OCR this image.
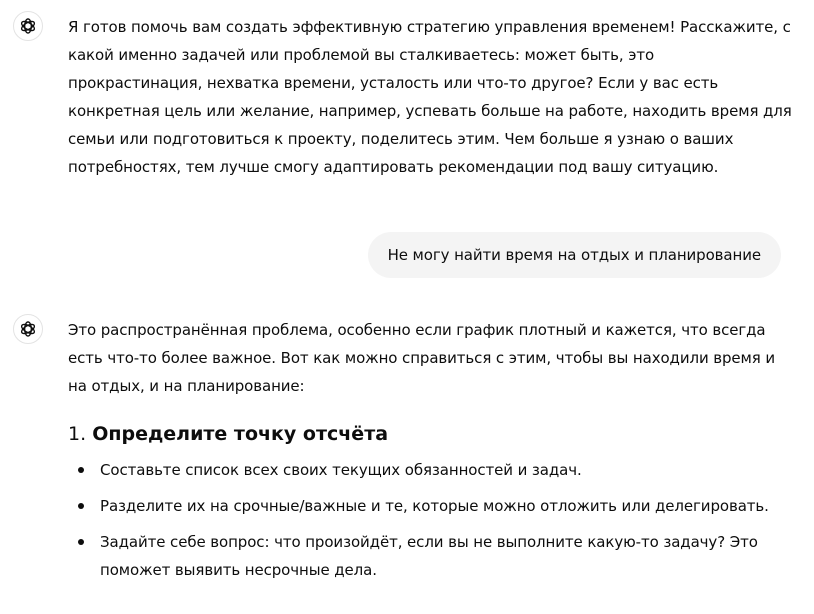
Я готов помочь вам создать эффективную стратегию управления временем! Расскажите, с какой именно задачей или проблемой вы сталкиваетесь: может быть, это прокрастинация, нехватка времени, усталость или что-то другое? Если у вас есть конкретная цель или желание, например, успевать больше на работе, находить время для семьи или подготовиться к проекту, поделитесь этим. Чем больше я узнаю о ваших потребностях, тем лучше смогу адаптировать рекомендации под вашу ситуацию.

Не могу найти время на отдых и планирование

Это распространённая проблема, особенно если график плотный и кажется, что всегда есть что-то более важное. Вот как можно справиться с этим, чтобы вы находили время и на отдых, и на планирование:

1. Определите точку отсчёта
Составьте список всех своих текущих обязанностей и задач.
Разделите их на срочные/важные и те, которые можно отложить или делегировать.
Задайте себе вопрос: что произойдёт, если вы не выполните какую-то задачу? Это поможет выявить несрочные дела.
